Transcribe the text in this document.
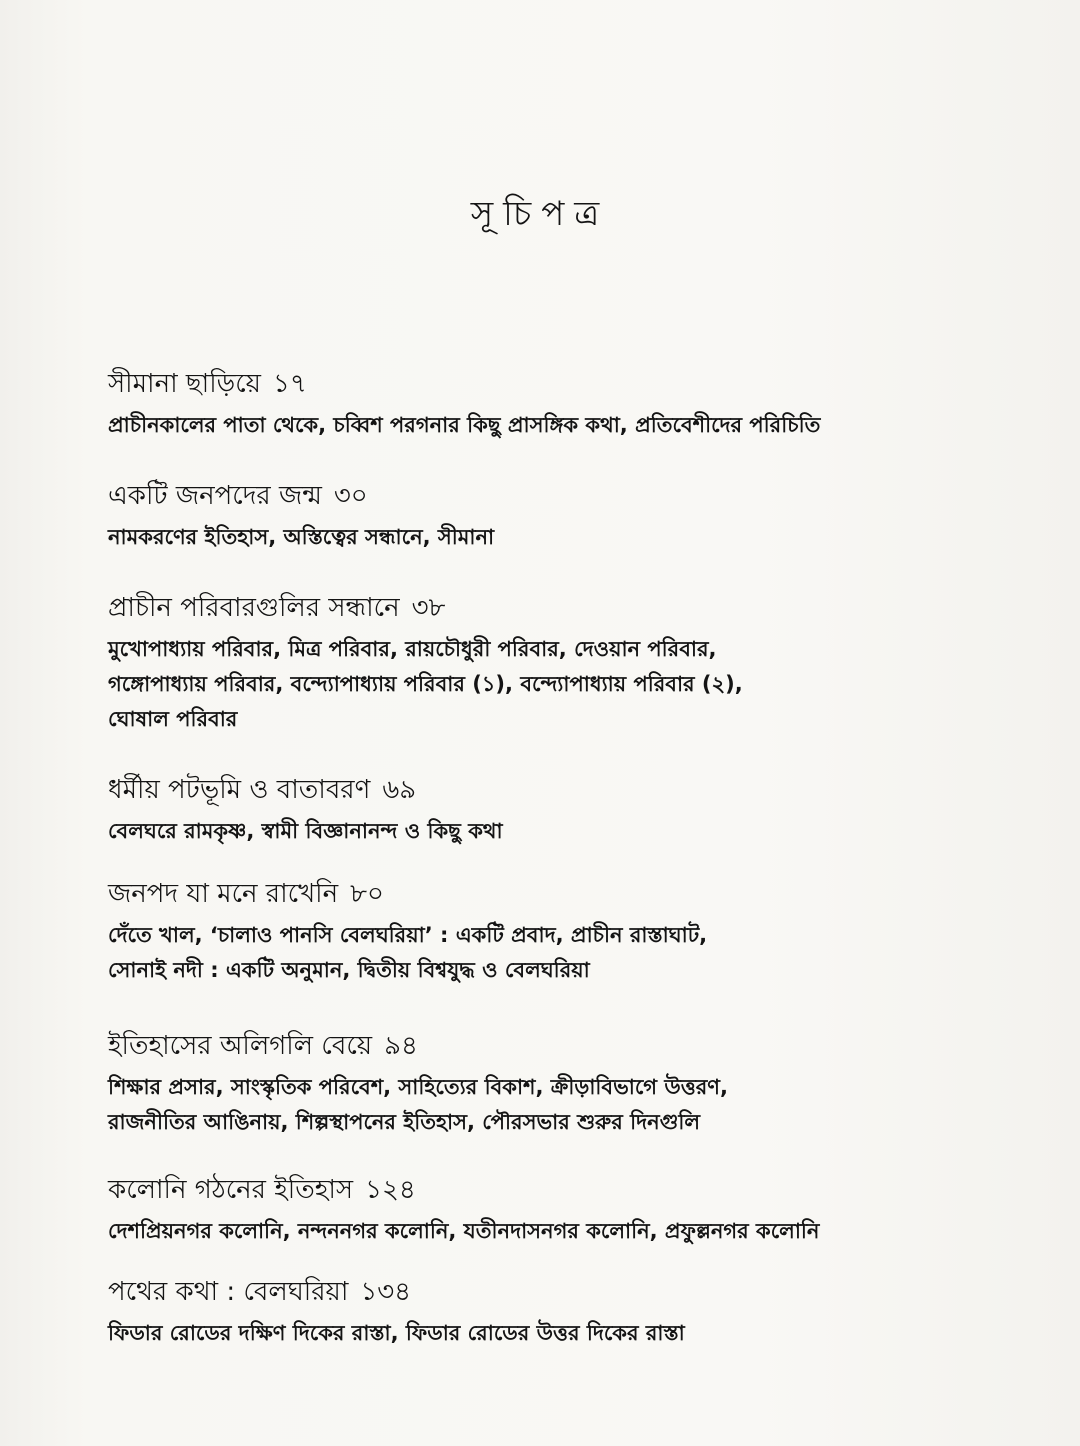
সূচিপত্র
সীমানা ছাড়িয়ে ১৭
প্রাচীনকালের পাতা থেকে, চব্বিশ পরগনার কিছু প্রাসঙ্গিক কথা, প্রতিবেশীদের পরিচিতি
একটি জনপদের জন্ম ৩০
নামকরণের ইতিহাস, অস্তিত্বের সন্ধানে, সীমানা
প্রাচীন পরিবারগুলির সন্ধানে ৩৮
মুখোপাধ্যায় পরিবার, মিত্র পরিবার, রায়চৌধুরী পরিবার, দেওয়ান পরিবার,
গঙ্গোপাধ্যায় পরিবার, বন্দ্যোপাধ্যায় পরিবার (১), বন্দ্যোপাধ্যায় পরিবার (২),
ঘোষাল পরিবার
ধর্মীয় পটভূমি ও বাতাবরণ ৬৯
বেলঘরে রামকৃষ্ণ, স্বামী বিজ্ঞানানন্দ ও কিছু কথা
জনপদ যা মনে রাখেনি ৮০
দেঁতে খাল, ‘চালাও পানসি বেলঘরিয়া’ : একটি প্রবাদ, প্রাচীন রাস্তাঘাট,
সোনাই নদী : একটি অনুমান, দ্বিতীয় বিশ্বযুদ্ধ ও বেলঘরিয়া
ইতিহাসের অলিগলি বেয়ে ৯৪
শিক্ষার প্রসার, সাংস্কৃতিক পরিবেশ, সাহিত্যের বিকাশ, ক্রীড়াবিভাগে উত্তরণ,
রাজনীতির আঙিনায়, শিল্পস্থাপনের ইতিহাস, পৌরসভার শুরুর দিনগুলি
কলোনি গঠনের ইতিহাস ১২৪
দেশপ্রিয়নগর কলোনি, নন্দননগর কলোনি, যতীনদাসনগর কলোনি, প্রফুল্লনগর কলোনি
পথের কথা : বেলঘরিয়া ১৩৪
ফিডার রোডের দক্ষিণ দিকের রাস্তা, ফিডার রোডের উত্তর দিকের রাস্তা
